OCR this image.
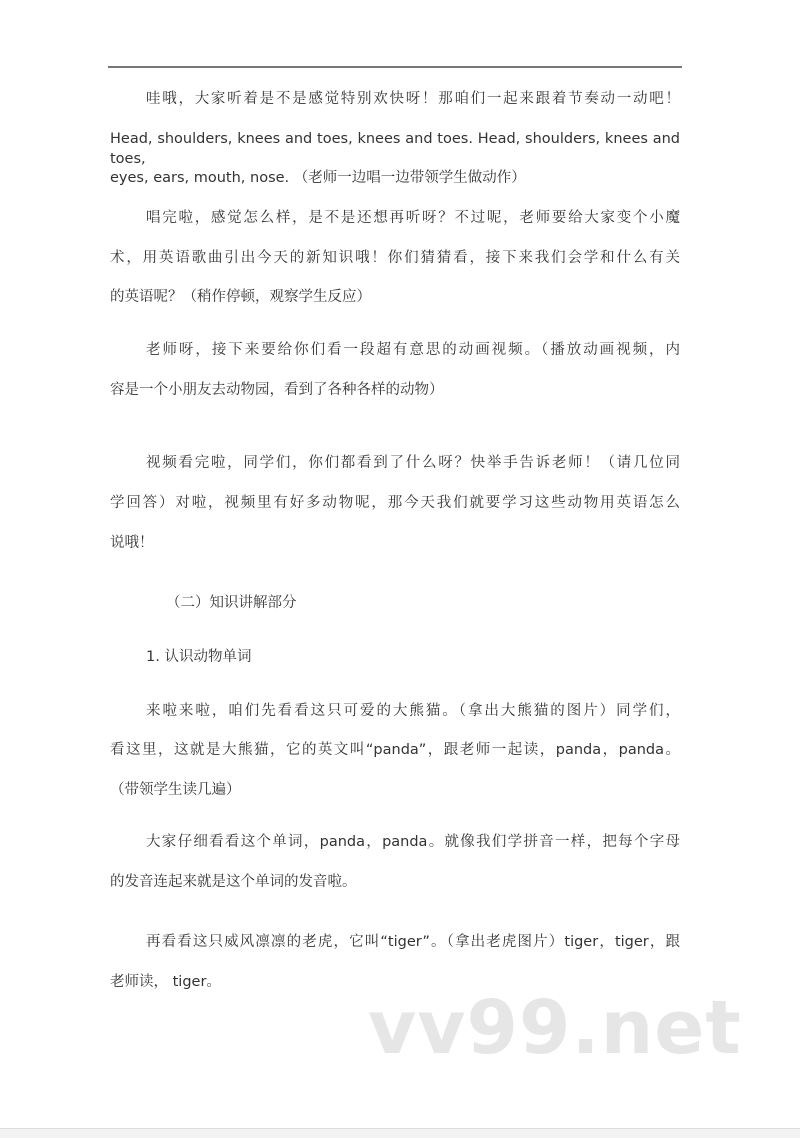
哇哦，大家听着是不是感觉特别欢快呀！那咱们一起来跟着节奏动一动吧！
Head, shoulders, knees and toes, knees and toes. Head, shoulders, knees and toes,
eyes, ears, mouth, nose. （老师一边唱一边带领学生做动作）
唱完啦，感觉怎么样，是不是还想再听呀？不过呢，老师要给大家变个小魔
术，用英语歌曲引出今天的新知识哦！你们猜猜看，接下来我们会学和什么有关
的英语呢？（稍作停顿，观察学生反应）
老师呀，接下来要给你们看一段超有意思的动画视频。（播放动画视频，内
容是一个小朋友去动物园，看到了各种各样的动物）
视频看完啦，同学们，你们都看到了什么呀？快举手告诉老师！（请几位同
学回答）对啦，视频里有好多动物呢，那今天我们就要学习这些动物用英语怎么
说哦！
（二）知识讲解部分
1. 认识动物单词
来啦来啦，咱们先看看这只可爱的大熊猫。（拿出大熊猫的图片）同学们，
看这里，这就是大熊猫，它的英文叫“panda”，跟老师一起读，panda，panda。
（带领学生读几遍）
大家仔细看看这个单词，panda，panda。就像我们学拼音一样，把每个字母
的发音连起来就是这个单词的发音啦。
再看看这只威风凛凛的老虎，它叫“tiger”。（拿出老虎图片）tiger，tiger，跟
老师读， tiger。
vv99.net
